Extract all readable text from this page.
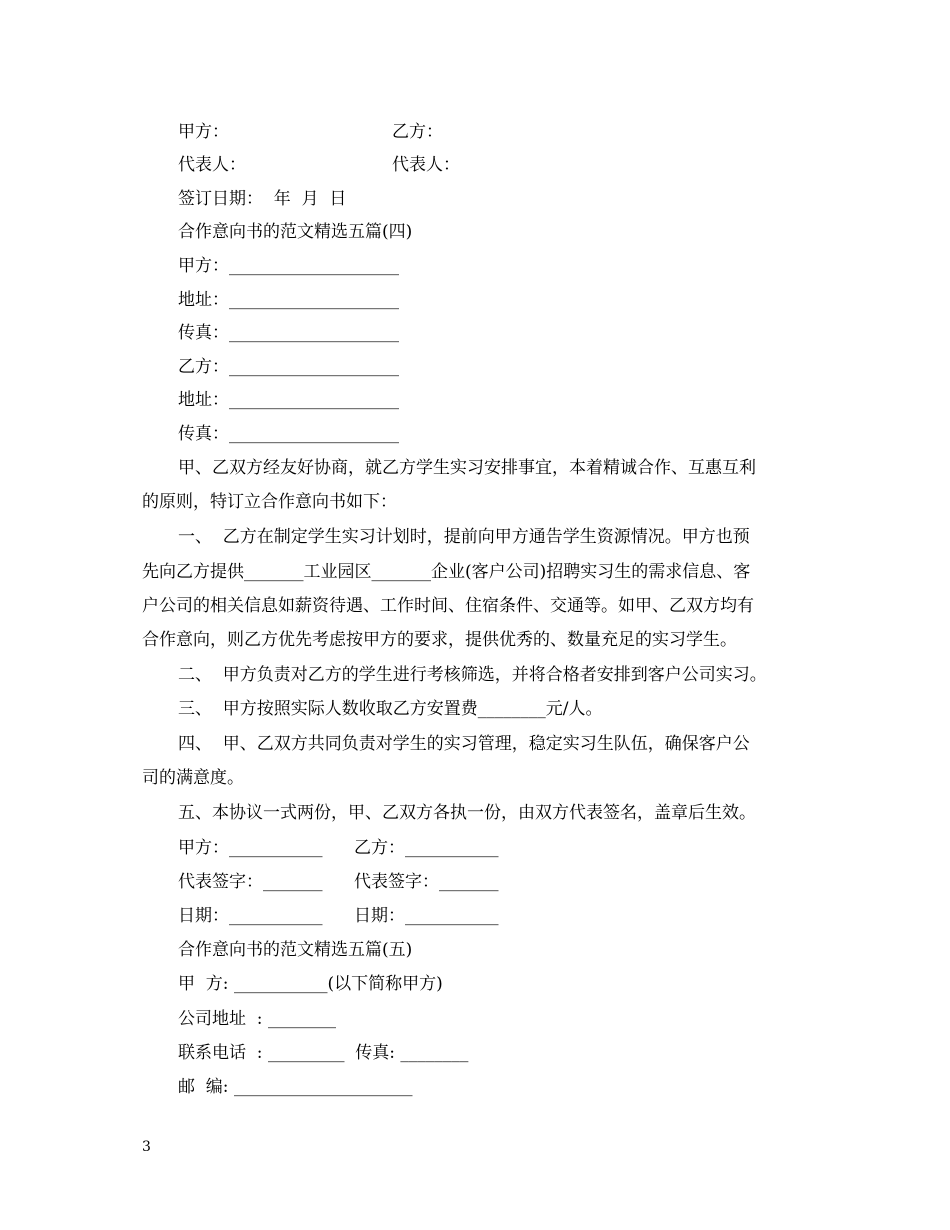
甲方：	乙方：
代表人：	代表人：
签订日期：  年  月  日
合作意向书的范文精选五篇(四)
甲方：____________________
地址：____________________
传真：____________________
乙方：____________________
地址：____________________
传真：____________________
甲、乙双方经友好协商，就乙方学生实习安排事宜，本着精诚合作、互惠互利
的原则，特订立合作意向书如下：
一、  乙方在制定学生实习计划时，提前向甲方通告学生资源情况。甲方也预
先向乙方提供_______工业园区_______企业(客户公司)招聘实习生的需求信息、客
户公司的相关信息如薪资待遇、工作时间、住宿条件、交通等。如甲、乙双方均有
合作意向，则乙方优先考虑按甲方的要求，提供优秀的、数量充足的实习学生。
二、  甲方负责对乙方的学生进行考核筛选，并将合格者安排到客户公司实习。
三、  甲方按照实际人数收取乙方安置费________元/人。
四、  甲、乙双方共同负责对学生的实习管理，稳定实习生队伍，确保客户公
司的满意度。
五、本协议一式两份，甲、乙双方各执一份，由双方代表签名，盖章后生效。
甲方：___________ 乙方：___________
代表签字：_______ 代表签字：_______
日期：___________ 日期：___________
合作意向书的范文精选五篇(五)
甲  方: ___________(以下简称甲方)
公司地址  : ________
联系电话  : _________  传真: ________
邮  编: _____________________
3
